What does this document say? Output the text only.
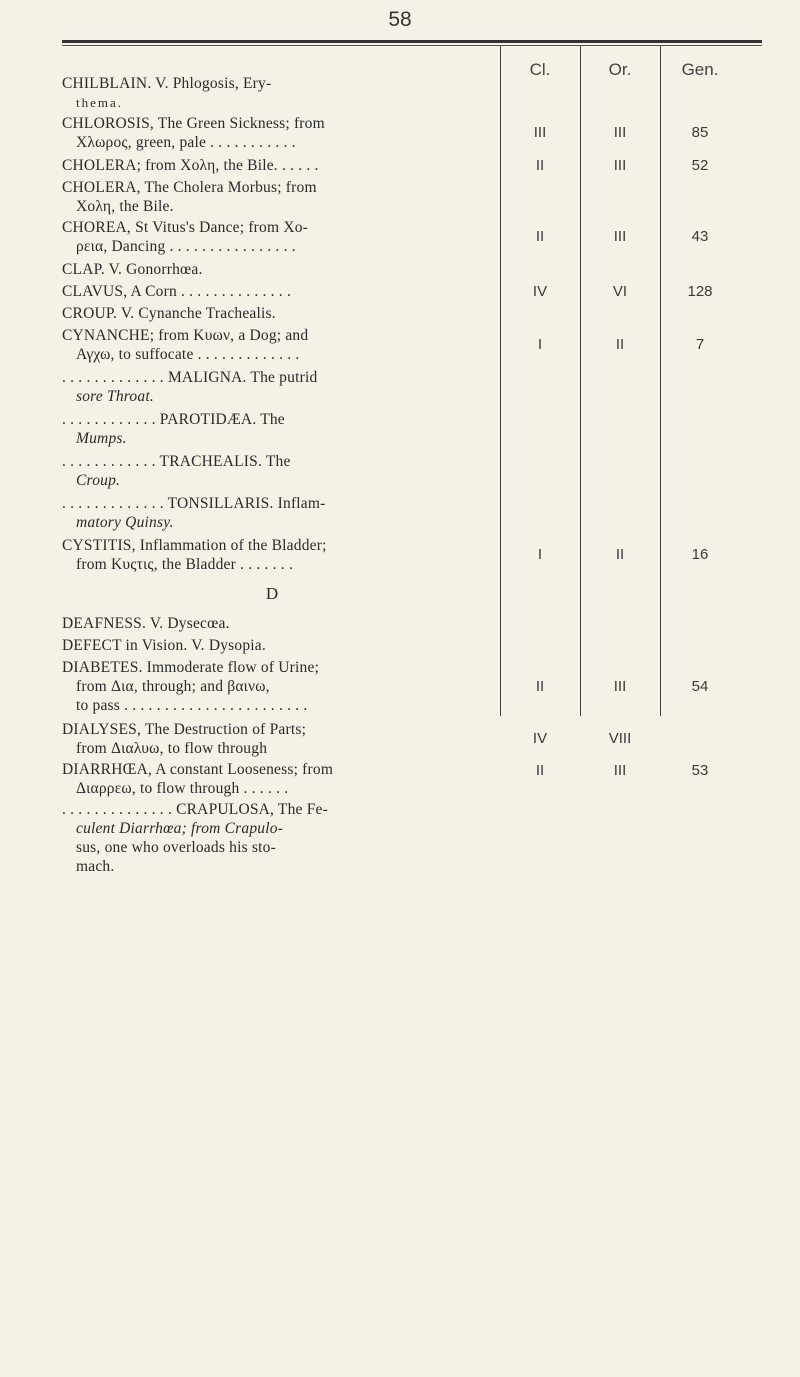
58
Cl.	Or.	Gen.
CHILBLAIN. V. Phlogosis, Ery-
thema.
CHLOROSIS, The Green Sickness; from
Χλωρος, green, pale . . . . . . . . . . .
III	III	85
CHOLERA; from Χολη, the Bile. . . . . .	II	III	52
CHOLERA, The Cholera Morbus; from
Χολη, the Bile.
CHOREA, St Vitus's Dance; from Χο-
ρεια, Dancing . . . . . . . . . . . . . . . .
II	III	43
CLAP. V. Gonorrhœa.
CLAVUS, A Corn . . . . . . . . . . . . . .	IV	VI	128
CROUP. V. Cynanche Trachealis.
CYNANCHE; from Κυων, a Dog; and
Αγχω, to suffocate . . . . . . . . . . . . .
I	II	7
. . . . . . . . . . . . . MALIGNA. The putrid
sore Throat.
. . . . . . . . . . . . PAROTIDÆA. The
Mumps.
. . . . . . . . . . . . TRACHEALIS. The
Croup.
. . . . . . . . . . . . . TONSILLARIS. Inflam-
matory Quinsy.
CYSTITIS, Inflammation of the Bladder;
from Κυςτις, the Bladder . . . . . . .
I	II	16
D
DEAFNESS. V. Dysecœa.
DEFECT in Vision. V. Dysopia.
DIABETES. Immoderate flow of Urine;
from Δια, through; and βαινω,
to pass . . . . . . . . . . . . . . . . . . . . . . .
II	III	54
DIALYSES, The Destruction of Parts;
from Διαλυω, to flow through
IV	VIII
DIARRHŒA, A constant Looseness; from
Διαρρεω, to flow through . . . . . .
II	III	53
. . . . . . . . . . . . . . CRAPULOSA, The Fe-
culent Diarrhœa; from Crapulo-
sus, one who overloads his sto-
mach.
